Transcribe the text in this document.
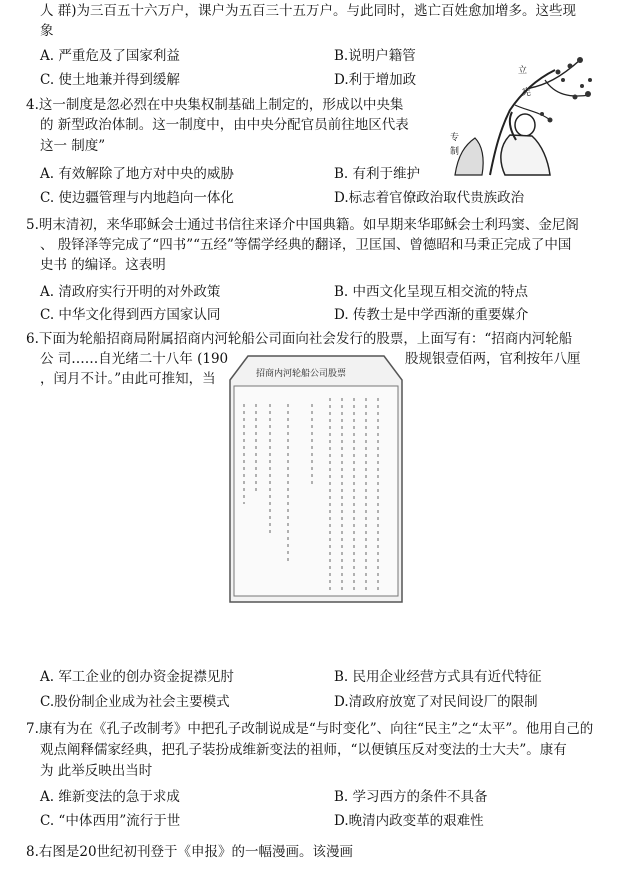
人 群)为三百五十六万户，课户为五百三十五万户。与此同时，逃亡百姓愈加增多。这些现
象
A. 严重危及了国家利益	B.说明户籍管
C. 使土地兼并得到缓解	D.利于增加政
4.这一制度是忽必烈在中央集权制基础上制定的，形成以中央集
的 新型政治体制。这一制度中，由中央分配官员前往地区代表
这一 制度”
A. 有效解除了地方对中央的威胁	B. 有利于维护
C. 使边疆管理与内地趋向一体化	D.标志着官僚政治取代贵族政治
立
宪
专
制
5.明末清初，来华耶稣会士通过书信往来译介中国典籍。如早期来华耶稣会士利玛窦、金尼阁
、 殷铎泽等完成了“四书”“五经”等儒学经典的翻译，卫匡国、曾德昭和马秉正完成了中国
史书 的编译。这表明
A. 清政府实行开明的对外政策	B. 中西文化呈现互相交流的特点
C. 中华文化得到西方国家认同	D. 传教士是中学西渐的重要媒介
6.下面为轮船招商局附属招商内河轮船公司面向社会发行的股票，上面写有：“招商内河轮船
公 司……自光绪二十八年 (190	股规银壹佰两，官利按年八厘
，闰月不计。”由此可推知，当	招商内河轮船公司股票
A. 军工企业的创办资金捉襟见肘	B. 民用企业经营方式具有近代特征
C.股份制企业成为社会主要模式	D.清政府放宽了对民间设厂的限制
7.康有为在《孔子改制考》中把孔子改制说成是“与时变化”、向往“民主”之“太平”。他用自己的
观点阐释儒家经典，把孔子装扮成维新变法的祖师，“以便镇压反对变法的士大夫”。康有
为 此举反映出当时
A. 维新变法的急于求成	B. 学习西方的条件不具备
C. “中体西用”流行于世	D.晚清内政变革的艰难性
8.右图是20世纪初刊登于《申报》的一幅漫画。该漫画
